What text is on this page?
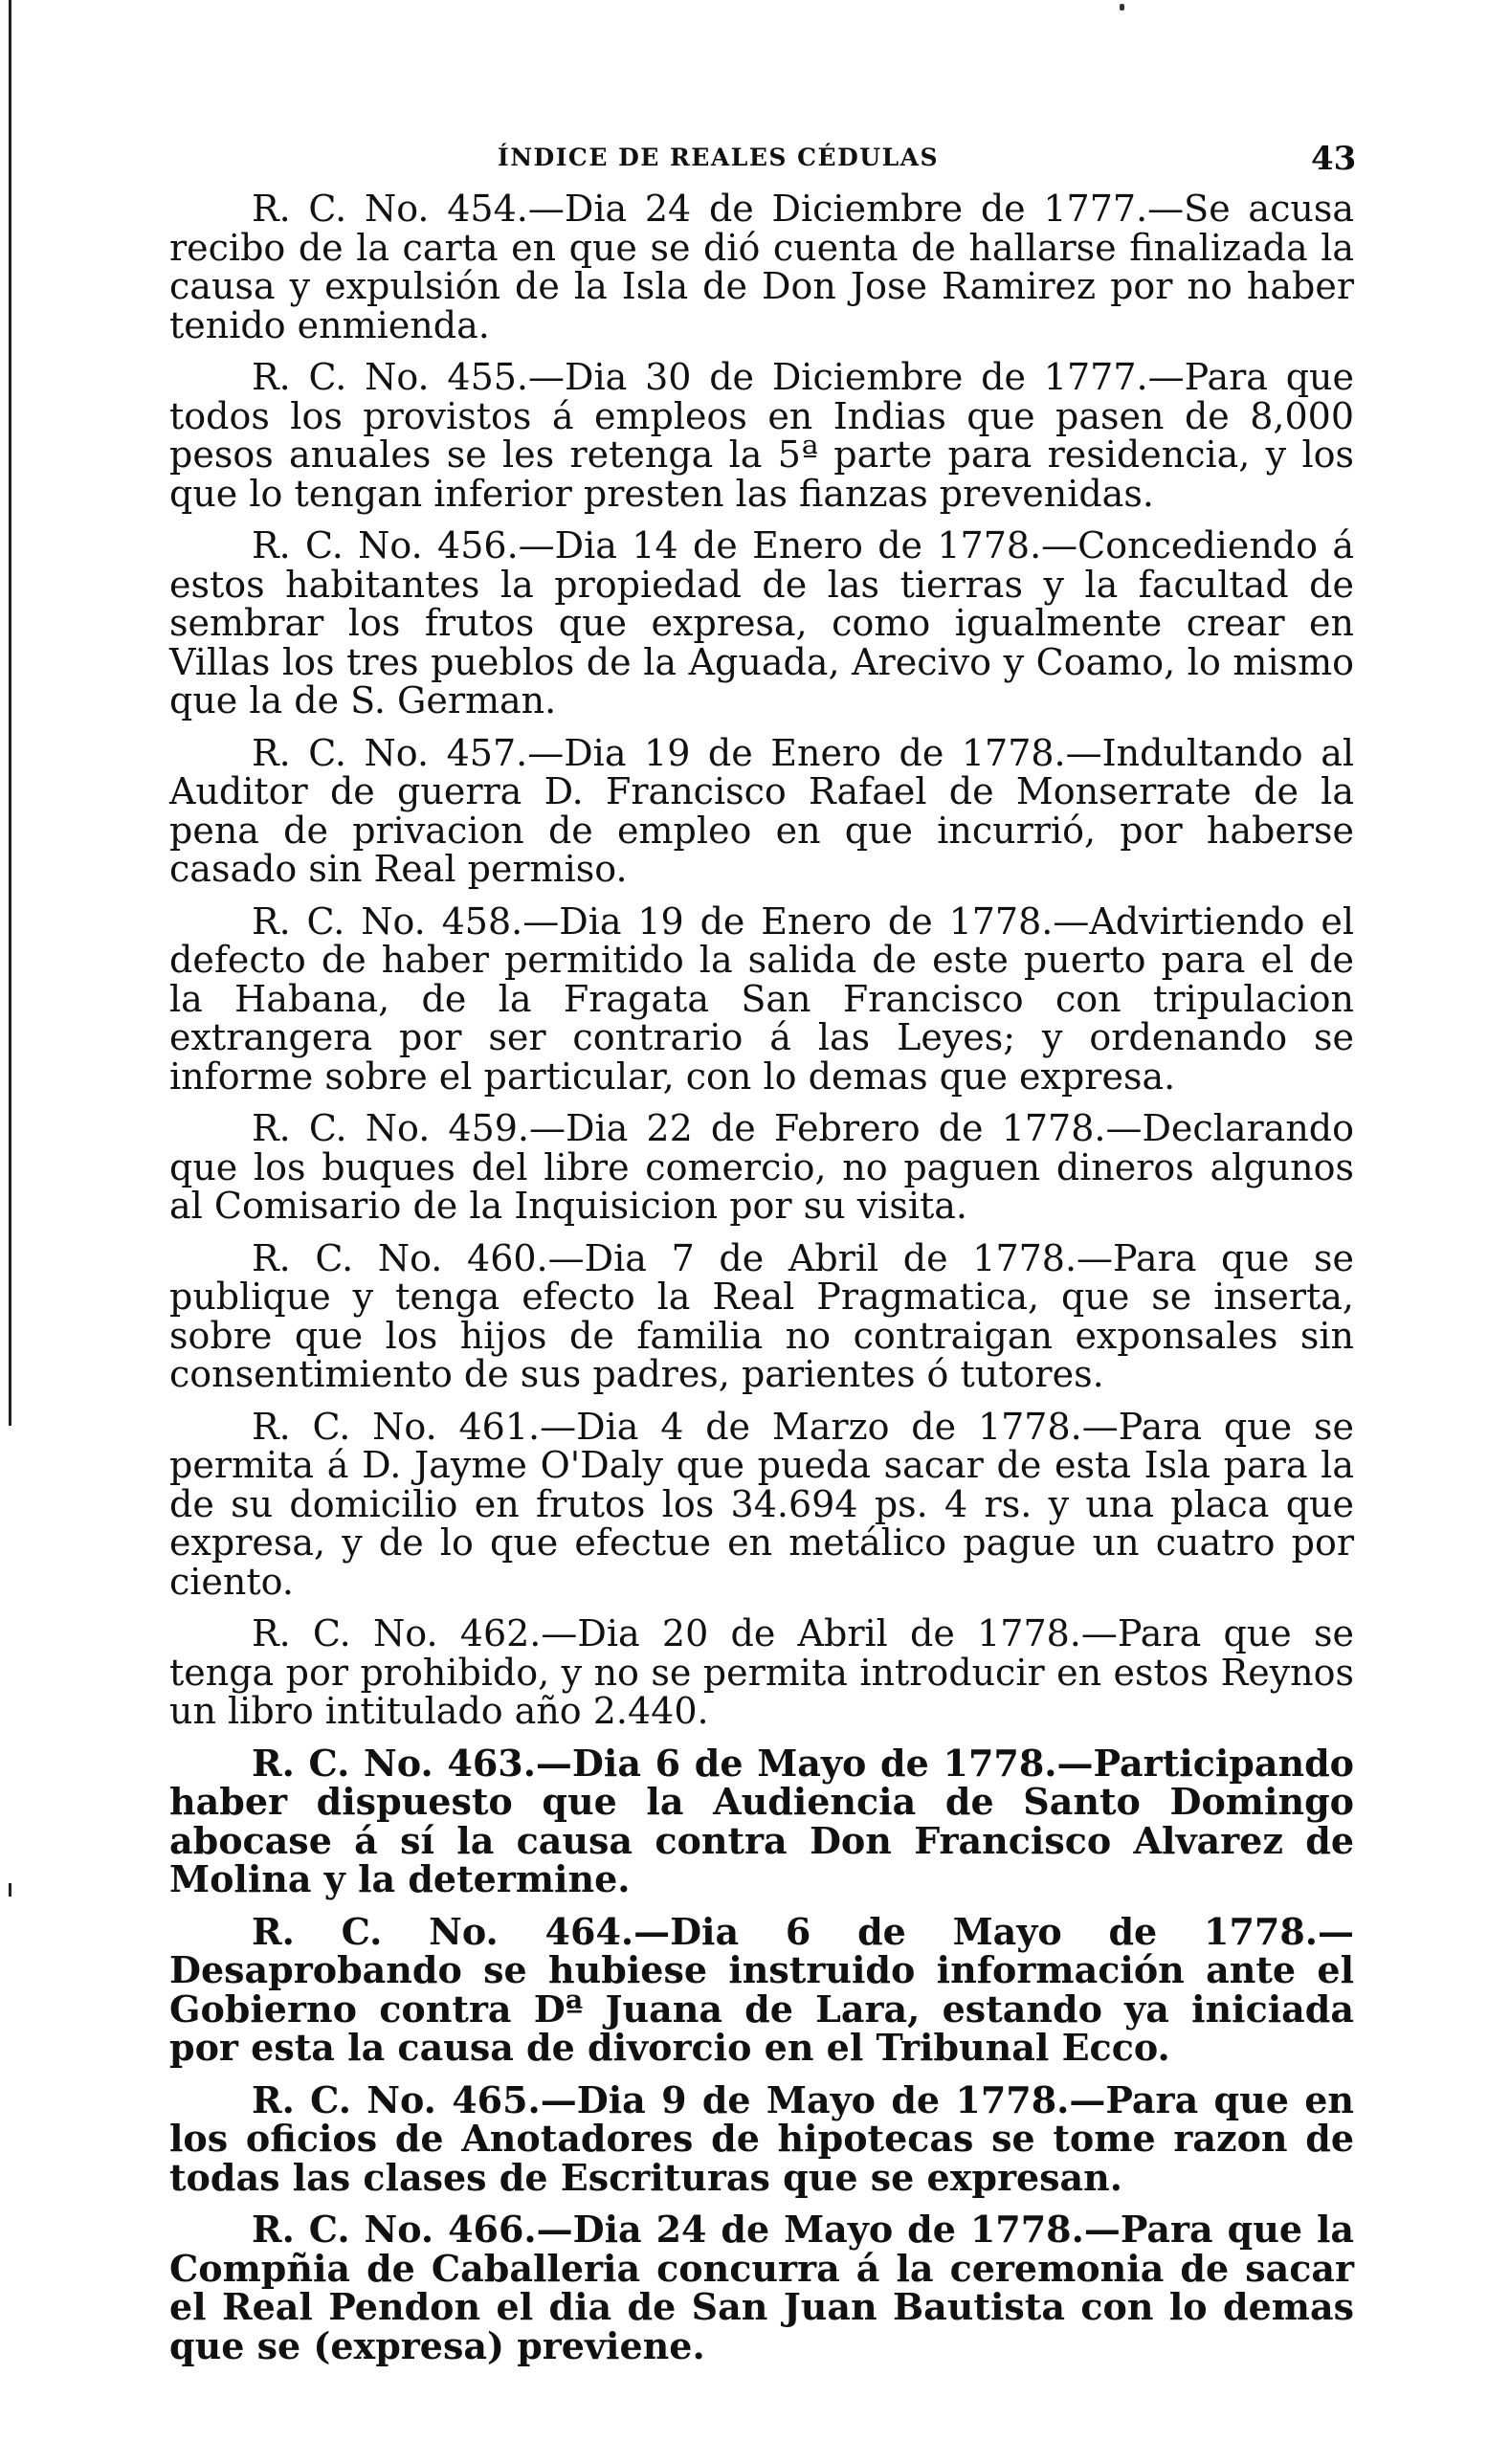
ÍNDICE DE REALES CÉDULAS	43

R. C. No. 454.—Dia 24 de Diciembre de 1777.—Se acusa recibo de la carta en que se dió cuenta de hallarse finalizada la causa y expulsión de la Isla de Don Jose Ramirez por no haber tenido enmienda.

R. C. No. 455.—Dia 30 de Diciembre de 1777.—Para que todos los provistos á empleos en Indias que pasen de 8,000 pesos anuales se les retenga la 5ª parte para residencia, y los que lo tengan inferior presten las fianzas prevenidas.

R. C. No. 456.—Dia 14 de Enero de 1778.—Concediendo á estos habitantes la propiedad de las tierras y la facultad de sembrar los frutos que expresa, como igualmente crear en Villas los tres pueblos de la Aguada, Arecivo y Coamo, lo mismo que la de S. German.

R. C. No. 457.—Dia 19 de Enero de 1778.—Indultando al Auditor de guerra D. Francisco Rafael de Monserrate de la pena de privacion de empleo en que incurrió, por haberse casado sin Real permiso.

R. C. No. 458.—Dia 19 de Enero de 1778.—Advirtiendo el defecto de haber permitido la salida de este puerto para el de la Habana, de la Fragata San Francisco con tripulacion extrangera por ser contrario á las Leyes; y ordenando se informe sobre el particular, con lo demas que expresa.

R. C. No. 459.—Dia 22 de Febrero de 1778.—Declarando que los buques del libre comercio, no paguen dineros algunos al Comisario de la Inquisicion por su visita.

R. C. No. 460.—Dia 7 de Abril de 1778.—Para que se publique y tenga efecto la Real Pragmatica, que se inserta, sobre que los hijos de familia no contraigan exponsales sin consentimiento de sus padres, parientes ó tutores.

R. C. No. 461.—Dia 4 de Marzo de 1778.—Para que se permita á D. Jayme O'Daly que pueda sacar de esta Isla para la de su domicilio en frutos los 34.694 ps. 4 rs. y una placa que expresa, y de lo que efectue en metálico pague un cuatro por ciento.

R. C. No. 462.—Dia 20 de Abril de 1778.—Para que se tenga por prohibido, y no se permita introducir en estos Reynos un libro intitulado año 2.440.

R. C. No. 463.—Dia 6 de Mayo de 1778.—Participando haber dispuesto que la Audiencia de Santo Domingo abocase á sí la causa contra Don Francisco Alvarez de Molina y la determine.

R. C. No. 464.—Dia 6 de Mayo de 1778.—Desaprobando se hubiese instruido información ante el Gobierno contra Dª Juana de Lara, estando ya iniciada por esta la causa de divorcio en el Tribunal Ecco.

R. C. No. 465.—Dia 9 de Mayo de 1778.—Para que en los oficios de Anotadores de hipotecas se tome razon de todas las clases de Escrituras que se expresan.

R. C. No. 466.—Dia 24 de Mayo de 1778.—Para que la Compñia de Caballeria concurra á la ceremonia de sacar el Real Pendon el dia de San Juan Bautista con lo demas que se (expresa) previene.
